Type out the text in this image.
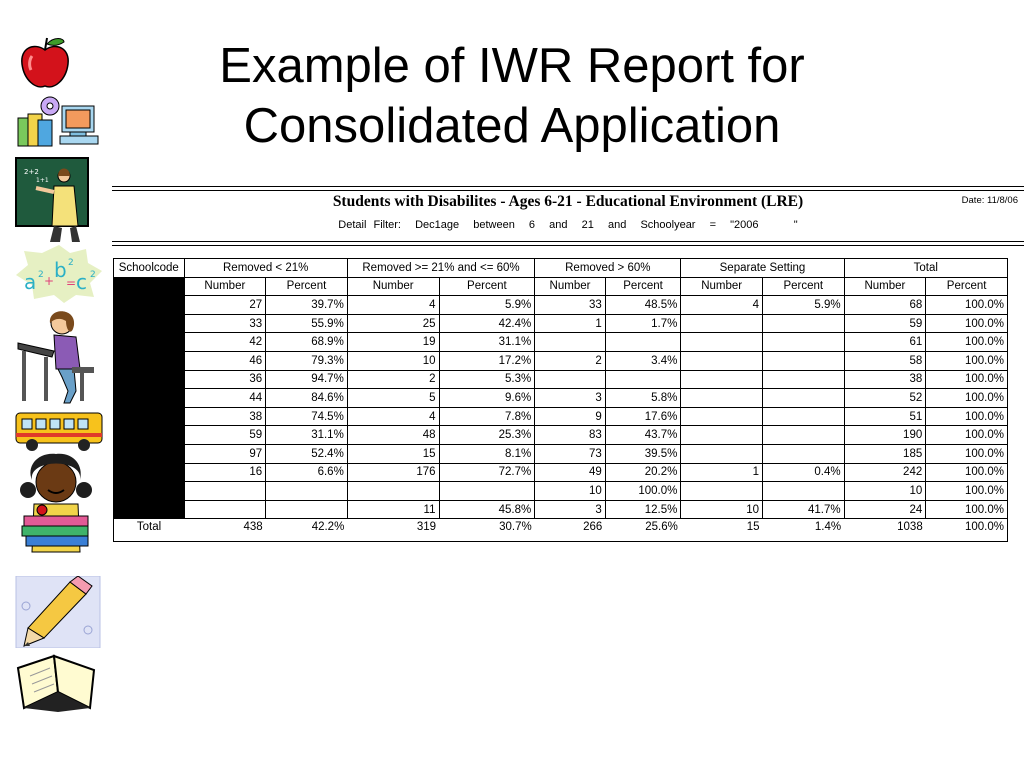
Example of IWR Report for
Consolidated Application
2+2
1+1
a 2 + b 2
= c 2
Students with Disabilites - Ages 6-21 - Educational Environment (LRE)	Date: 11/8/06
Detail Filter:  Dec1age  between  6  and  21  and  Schoolyear  =  "2006     "
Schoolcode	Removed < 21%		Removed >= 21% and <= 60%		Removed > 60%		Separate Setting		Total	
	Number	Percent	Number	Percent	Number	Percent	Number	Percent	Number	Percent
	27	39.7%	4	5.9%	33	48.5%	4	5.9%	68	100.0%
	33	55.9%	25	42.4%	1	1.7%			59	100.0%
	42	68.9%	19	31.1%					61	100.0%
	46	79.3%	10	17.2%	2	3.4%			58	100.0%
	36	94.7%	2	5.3%					38	100.0%
	44	84.6%	5	9.6%	3	5.8%			52	100.0%
	38	74.5%	4	7.8%	9	17.6%			51	100.0%
	59	31.1%	48	25.3%	83	43.7%			190	100.0%
	97	52.4%	15	8.1%	73	39.5%			185	100.0%
	16	6.6%	176	72.7%	49	20.2%	1	0.4%	242	100.0%
					10	100.0%			10	100.0%
			11	45.8%	3	12.5%	10	41.7%	24	100.0%
Total	438	42.2%	319	30.7%	266	25.6%	15	1.4%	1038	100.0%
